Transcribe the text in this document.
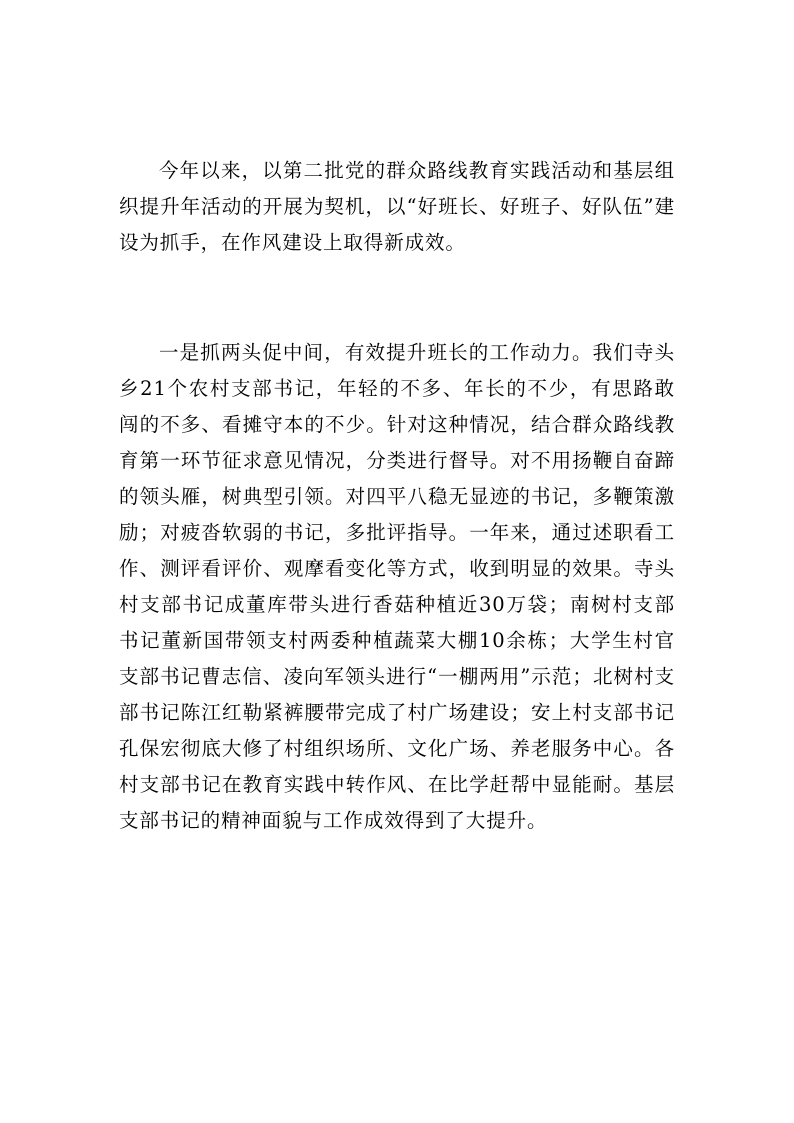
今年以来，以第二批党的群众路线教育实践活动和基层组织提升年活动的开展为契机，以“好班长、好班子、好队伍”建设为抓手，在作风建设上取得新成效。

一是抓两头促中间，有效提升班长的工作动力。我们寺头乡21个农村支部书记，年轻的不多、年长的不少，有思路敢闯的不多、看摊守本的不少。针对这种情况，结合群众路线教育第一环节征求意见情况，分类进行督导。对不用扬鞭自奋蹄的领头雁，树典型引领。对四平八稳无显迹的书记，多鞭策激励；对疲沓软弱的书记，多批评指导。一年来，通过述职看工作、测评看评价、观摩看变化等方式，收到明显的效果。寺头村支部书记成董库带头进行香菇种植近30万袋；南树村支部书记董新国带领支村两委种植蔬菜大棚10余栋；大学生村官支部书记曹志信、凌向军领头进行“一棚两用”示范；北树村支部书记陈江红勒紧裤腰带完成了村广场建设；安上村支部书记孔保宏彻底大修了村组织场所、文化广场、养老服务中心。各村支部书记在教育实践中转作风、在比学赶帮中显能耐。基层支部书记的精神面貌与工作成效得到了大提升。
